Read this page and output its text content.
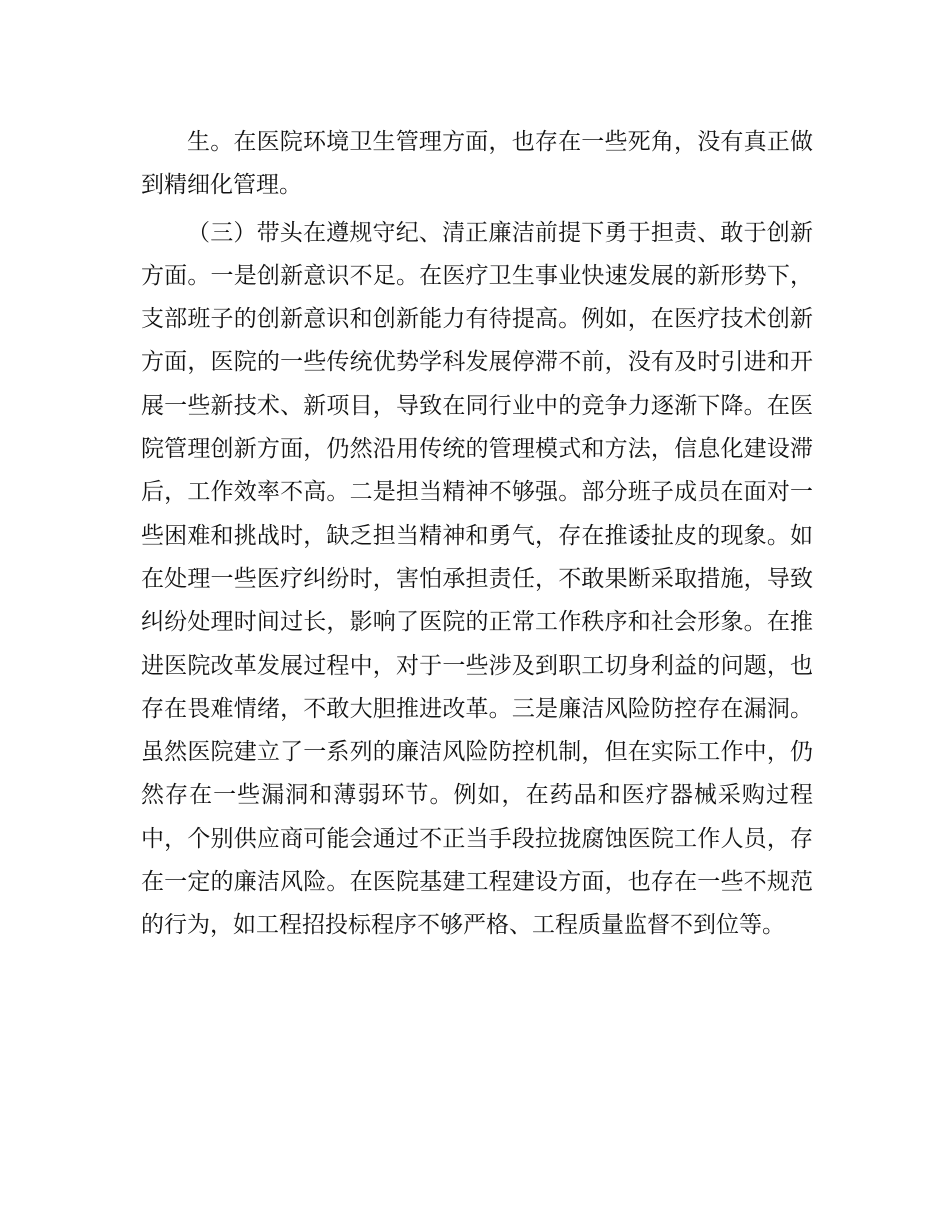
生。在医院环境卫生管理方面，也存在一些死角，没有真正做到精细化管理。

（三）带头在遵规守纪、清正廉洁前提下勇于担责、敢于创新方面。一是创新意识不足。在医疗卫生事业快速发展的新形势下，支部班子的创新意识和创新能力有待提高。例如，在医疗技术创新方面，医院的一些传统优势学科发展停滞不前，没有及时引进和开展一些新技术、新项目，导致在同行业中的竞争力逐渐下降。在医院管理创新方面，仍然沿用传统的管理模式和方法，信息化建设滞后，工作效率不高。二是担当精神不够强。部分班子成员在面对一些困难和挑战时，缺乏担当精神和勇气，存在推诿扯皮的现象。如在处理一些医疗纠纷时，害怕承担责任，不敢果断采取措施，导致纠纷处理时间过长，影响了医院的正常工作秩序和社会形象。在推进医院改革发展过程中，对于一些涉及到职工切身利益的问题，也存在畏难情绪，不敢大胆推进改革。三是廉洁风险防控存在漏洞。虽然医院建立了一系列的廉洁风险防控机制，但在实际工作中，仍然存在一些漏洞和薄弱环节。例如，在药品和医疗器械采购过程中，个别供应商可能会通过不正当手段拉拢腐蚀医院工作人员，存在一定的廉洁风险。在医院基建工程建设方面，也存在一些不规范的行为，如工程招投标程序不够严格、工程质量监督不到位等。
